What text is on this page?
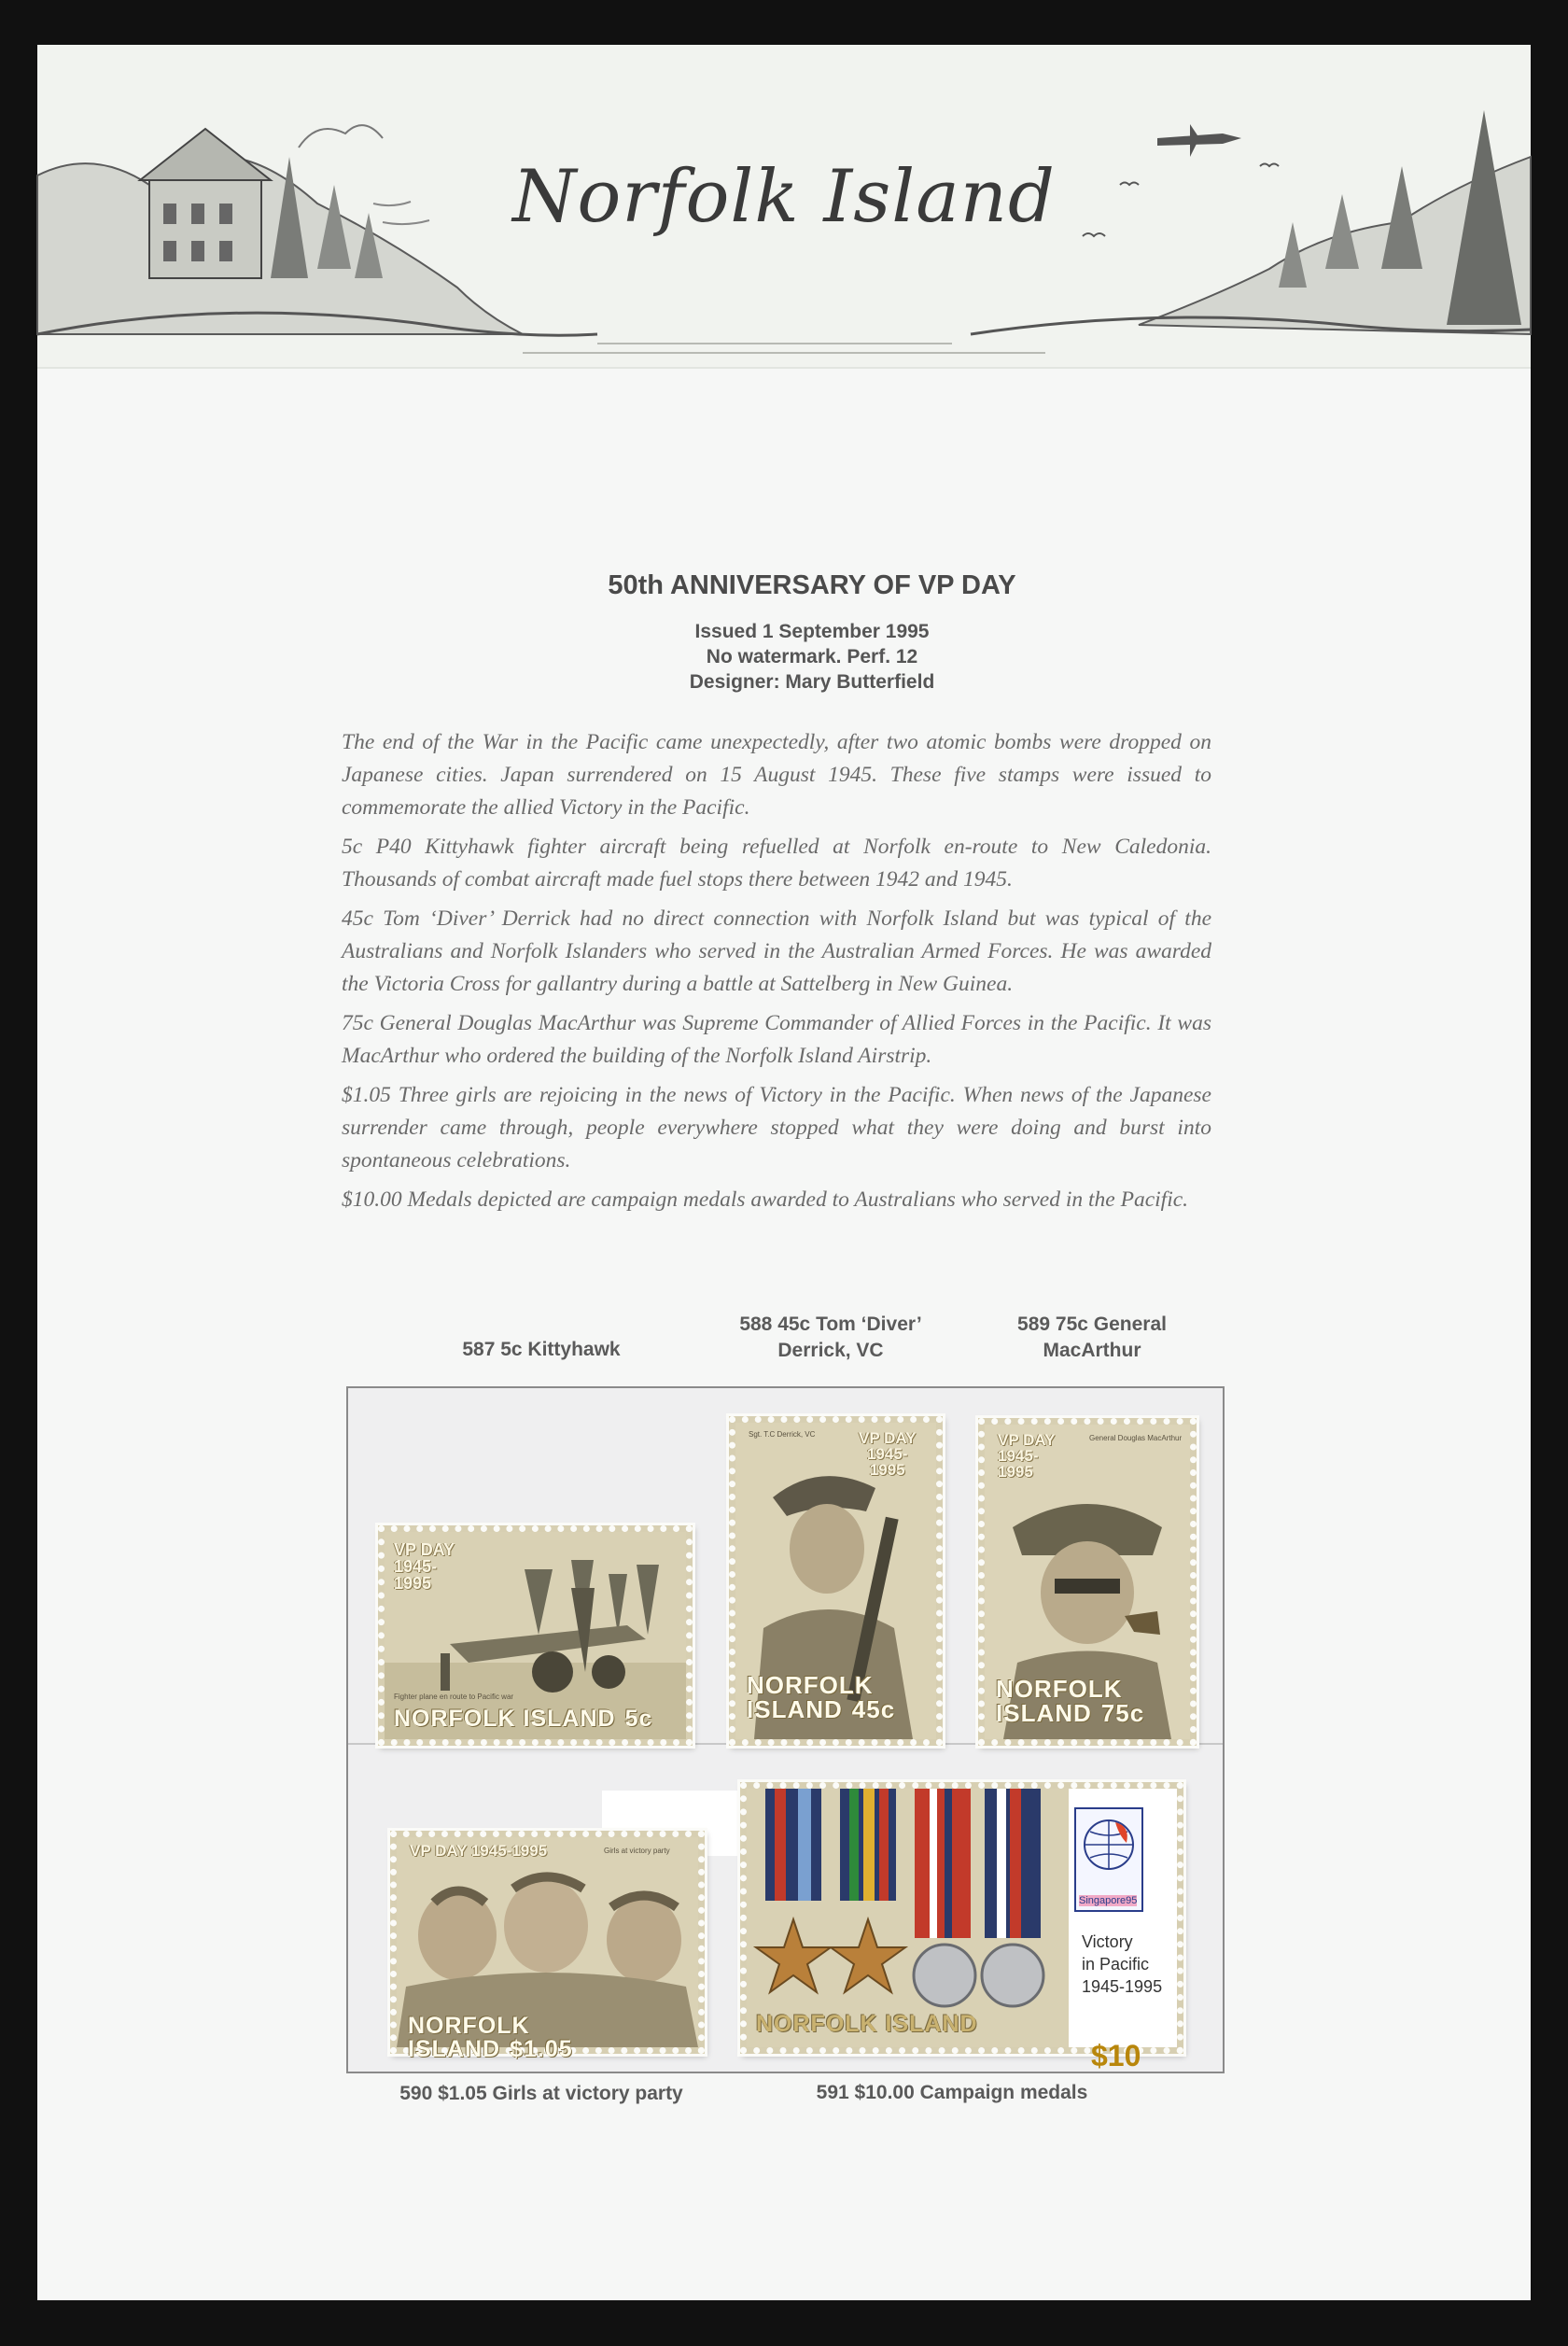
Norfolk Island
50th ANNIVERSARY OF VP DAY
Issued 1 September 1995
No watermark. Perf. 12
Designer: Mary Butterfield

The end of the War in the Pacific came unexpectedly, after two atomic bombs were dropped on Japanese cities. Japan surrendered on 15 August 1945. These five stamps were issued to commemorate the allied Victory in the Pacific.

5c P40 Kittyhawk fighter aircraft being refuelled at Norfolk en-route to New Caledonia. Thousands of combat aircraft made fuel stops there between 1942 and 1945.

45c Tom ‘Diver’ Derrick had no direct connection with Norfolk Island but was typical of the Australians and Norfolk Islanders who served in the Australian Armed Forces. He was awarded the Victoria Cross for gallantry during a battle at Sattelberg in New Guinea.

75c General Douglas MacArthur was Supreme Commander of Allied Forces in the Pacific. It was MacArthur who ordered the building of the Norfolk Island Airstrip.

$1.05 Three girls are rejoicing in the news of Victory in the Pacific. When news of the Japanese surrender came through, people everywhere stopped what they were doing and burst into spontaneous celebrations.

$10.00 Medals depicted are campaign medals awarded to Australians who served in the Pacific.

587 5c Kittyhawk
588 45c Tom ‘Diver’
Derrick, VC
589 75c General
MacArthur
VP DAY
1945-
1995
Fighter plane en route to Pacific war
NORFOLK ISLAND 5c
Sgt. T.C Derrick, VC	VP DAY
1945-
1995
NORFOLK
ISLAND 45c
VP DAY
1945-
1995
General Douglas MacArthur
NORFOLK
ISLAND 75c
VP DAY 1945-1995	Girls at victory party
NORFOLK ISLAND $1.05
NORFOLK ISLAND
Singapore95
Victory
in Pacific
1945-1995
$10
590 $1.05 Girls at victory party	591 $10.00 Campaign medals
